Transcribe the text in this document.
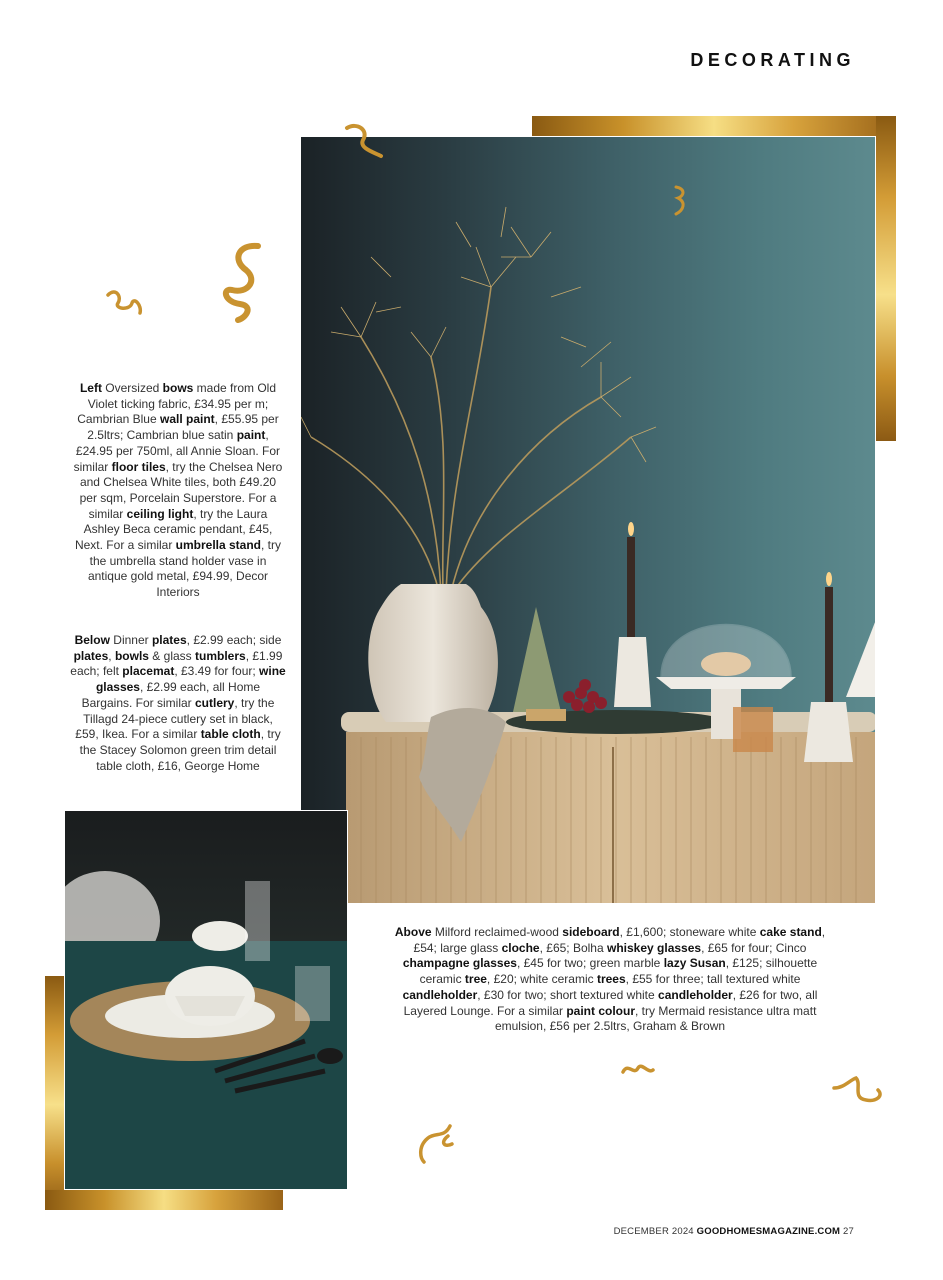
DECORATING
Left Oversized bows made from Old Violet ticking fabric, £34.95 per m; Cambrian Blue wall paint, £55.95 per 2.5ltrs; Cambrian blue satin paint, £24.95 per 750ml, all Annie Sloan. For similar floor tiles, try the Chelsea Nero and Chelsea White tiles, both £49.20 per sqm, Porcelain Superstore. For a similar ceiling light, try the Laura Ashley Beca ceramic pendant, £45, Next. For a similar umbrella stand, try the umbrella stand holder vase in antique gold metal, £94.99, Decor Interiors
Below Dinner plates, £2.99 each; side plates, bowls & glass tumblers, £1.99 each; felt placemat, £3.49 for four; wine glasses, £2.99 each, all Home Bargains. For similar cutlery, try the Tillagd 24-piece cutlery set in black, £59, Ikea. For a similar table cloth, try the Stacey Solomon green trim detail table cloth, £16, George Home
Above Milford reclaimed-wood sideboard, £1,600; stoneware white cake stand, £54; large glass cloche, £65; Bolha whiskey glasses, £65 for four; Cinco champagne glasses, £45 for two; green marble lazy Susan, £125; silhouette ceramic tree, £20; white ceramic trees, £55 for three; tall textured white candleholder, £30 for two; short textured white candleholder, £26 for two, all Layered Lounge. For a similar paint colour, try Mermaid resistance ultra matt emulsion, £56 per 2.5ltrs, Graham & Brown
DECEMBER 2024 GOODHOMESMAGAZINE.COM 27
